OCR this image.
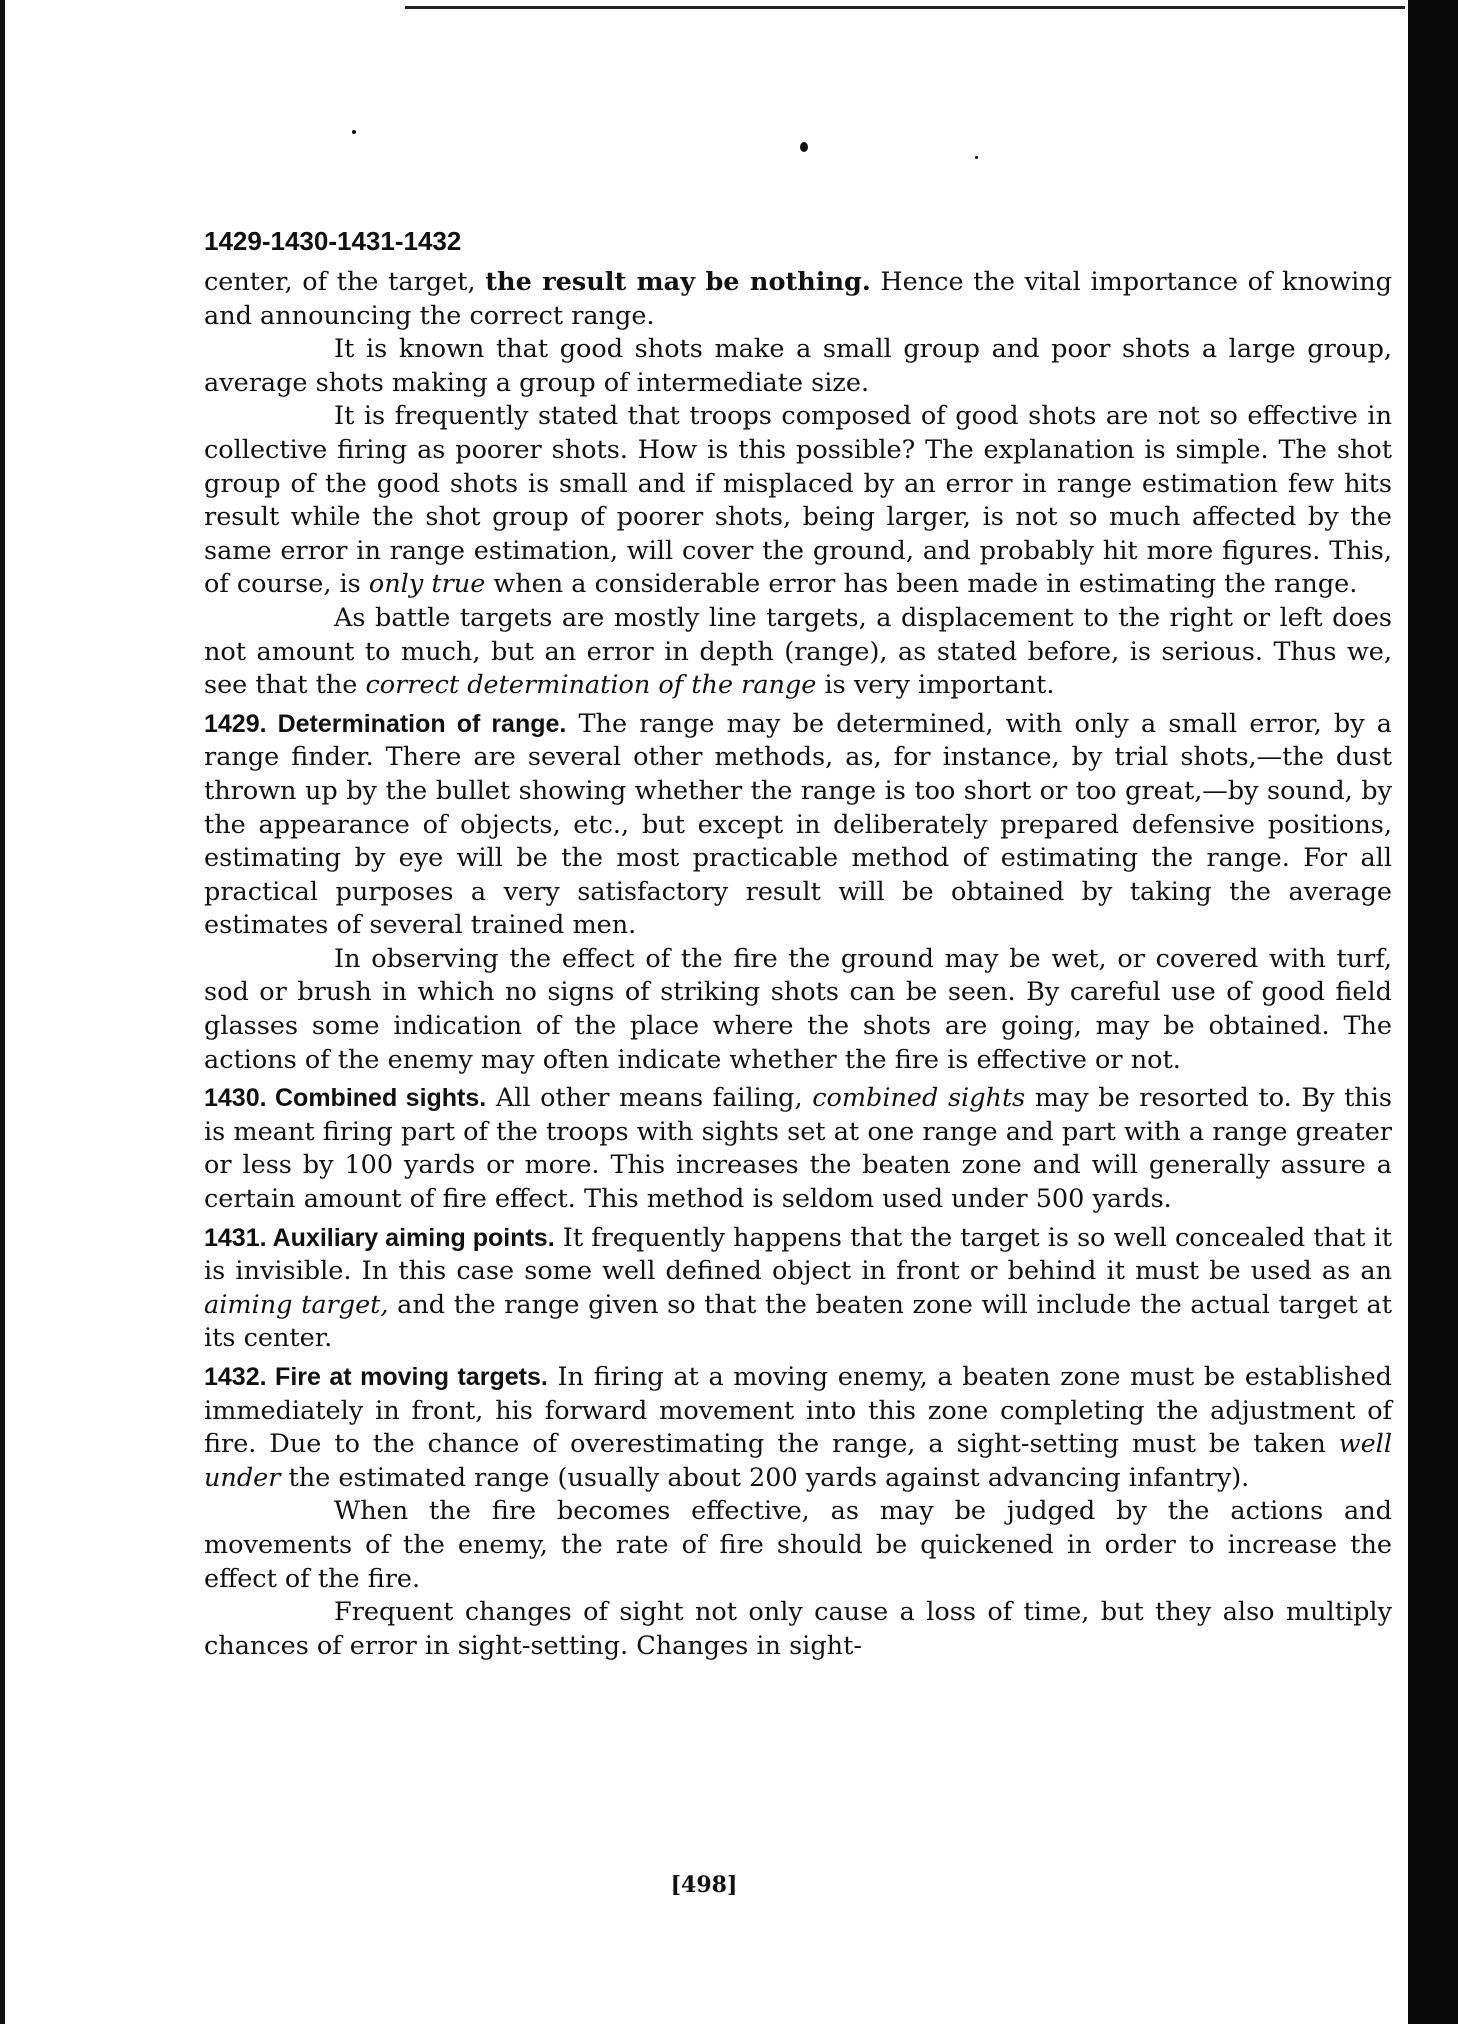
1429-1430-1431-1432

center, of the target, the result may be nothing. Hence the vital importance of knowing and announcing the correct range.

It is known that good shots make a small group and poor shots a large group, average shots making a group of intermediate size.

It is frequently stated that troops composed of good shots are not so effective in collective firing as poorer shots. How is this possible? The explanation is simple. The shot group of the good shots is small and if misplaced by an error in range estimation few hits result while the shot group of poorer shots, being larger, is not so much affected by the same error in range estimation, will cover the ground, and probably hit more figures. This, of course, is only true when a considerable error has been made in estimating the range.

As battle targets are mostly line targets, a displacement to the right or left does not amount to much, but an error in depth (range), as stated before, is serious. Thus we, see that the correct determination of the range is very important.

1429. Determination of range. The range may be determined, with only a small error, by a range finder. There are several other methods, as, for instance, by trial shots,—the dust thrown up by the bullet showing whether the range is too short or too great,—by sound, by the appearance of objects, etc., but except in deliberately prepared defensive positions, estimating by eye will be the most practicable method of estimating the range. For all practical purposes a very satisfactory result will be obtained by taking the average estimates of several trained men.

In observing the effect of the fire the ground may be wet, or covered with turf, sod or brush in which no signs of striking shots can be seen. By careful use of good field glasses some indication of the place where the shots are going, may be obtained. The actions of the enemy may often indicate whether the fire is effective or not.

1430. Combined sights. All other means failing, combined sights may be resorted to. By this is meant firing part of the troops with sights set at one range and part with a range greater or less by 100 yards or more. This increases the beaten zone and will generally assure a certain amount of fire effect. This method is seldom used under 500 yards.

1431. Auxiliary aiming points. It frequently happens that the target is so well concealed that it is invisible. In this case some well defined object in front or behind it must be used as an aiming target, and the range given so that the beaten zone will include the actual target at its center.

1432. Fire at moving targets. In firing at a moving enemy, a beaten zone must be established immediately in front, his forward movement into this zone completing the adjustment of fire. Due to the chance of overestimating the range, a sight-setting must be taken well under the estimated range (usually about 200 yards against advancing infantry).

When the fire becomes effective, as may be judged by the actions and movements of the enemy, the rate of fire should be quickened in order to increase the effect of the fire.

Frequent changes of sight not only cause a loss of time, but they also multiply chances of error in sight-setting. Changes in sight-

[498]
